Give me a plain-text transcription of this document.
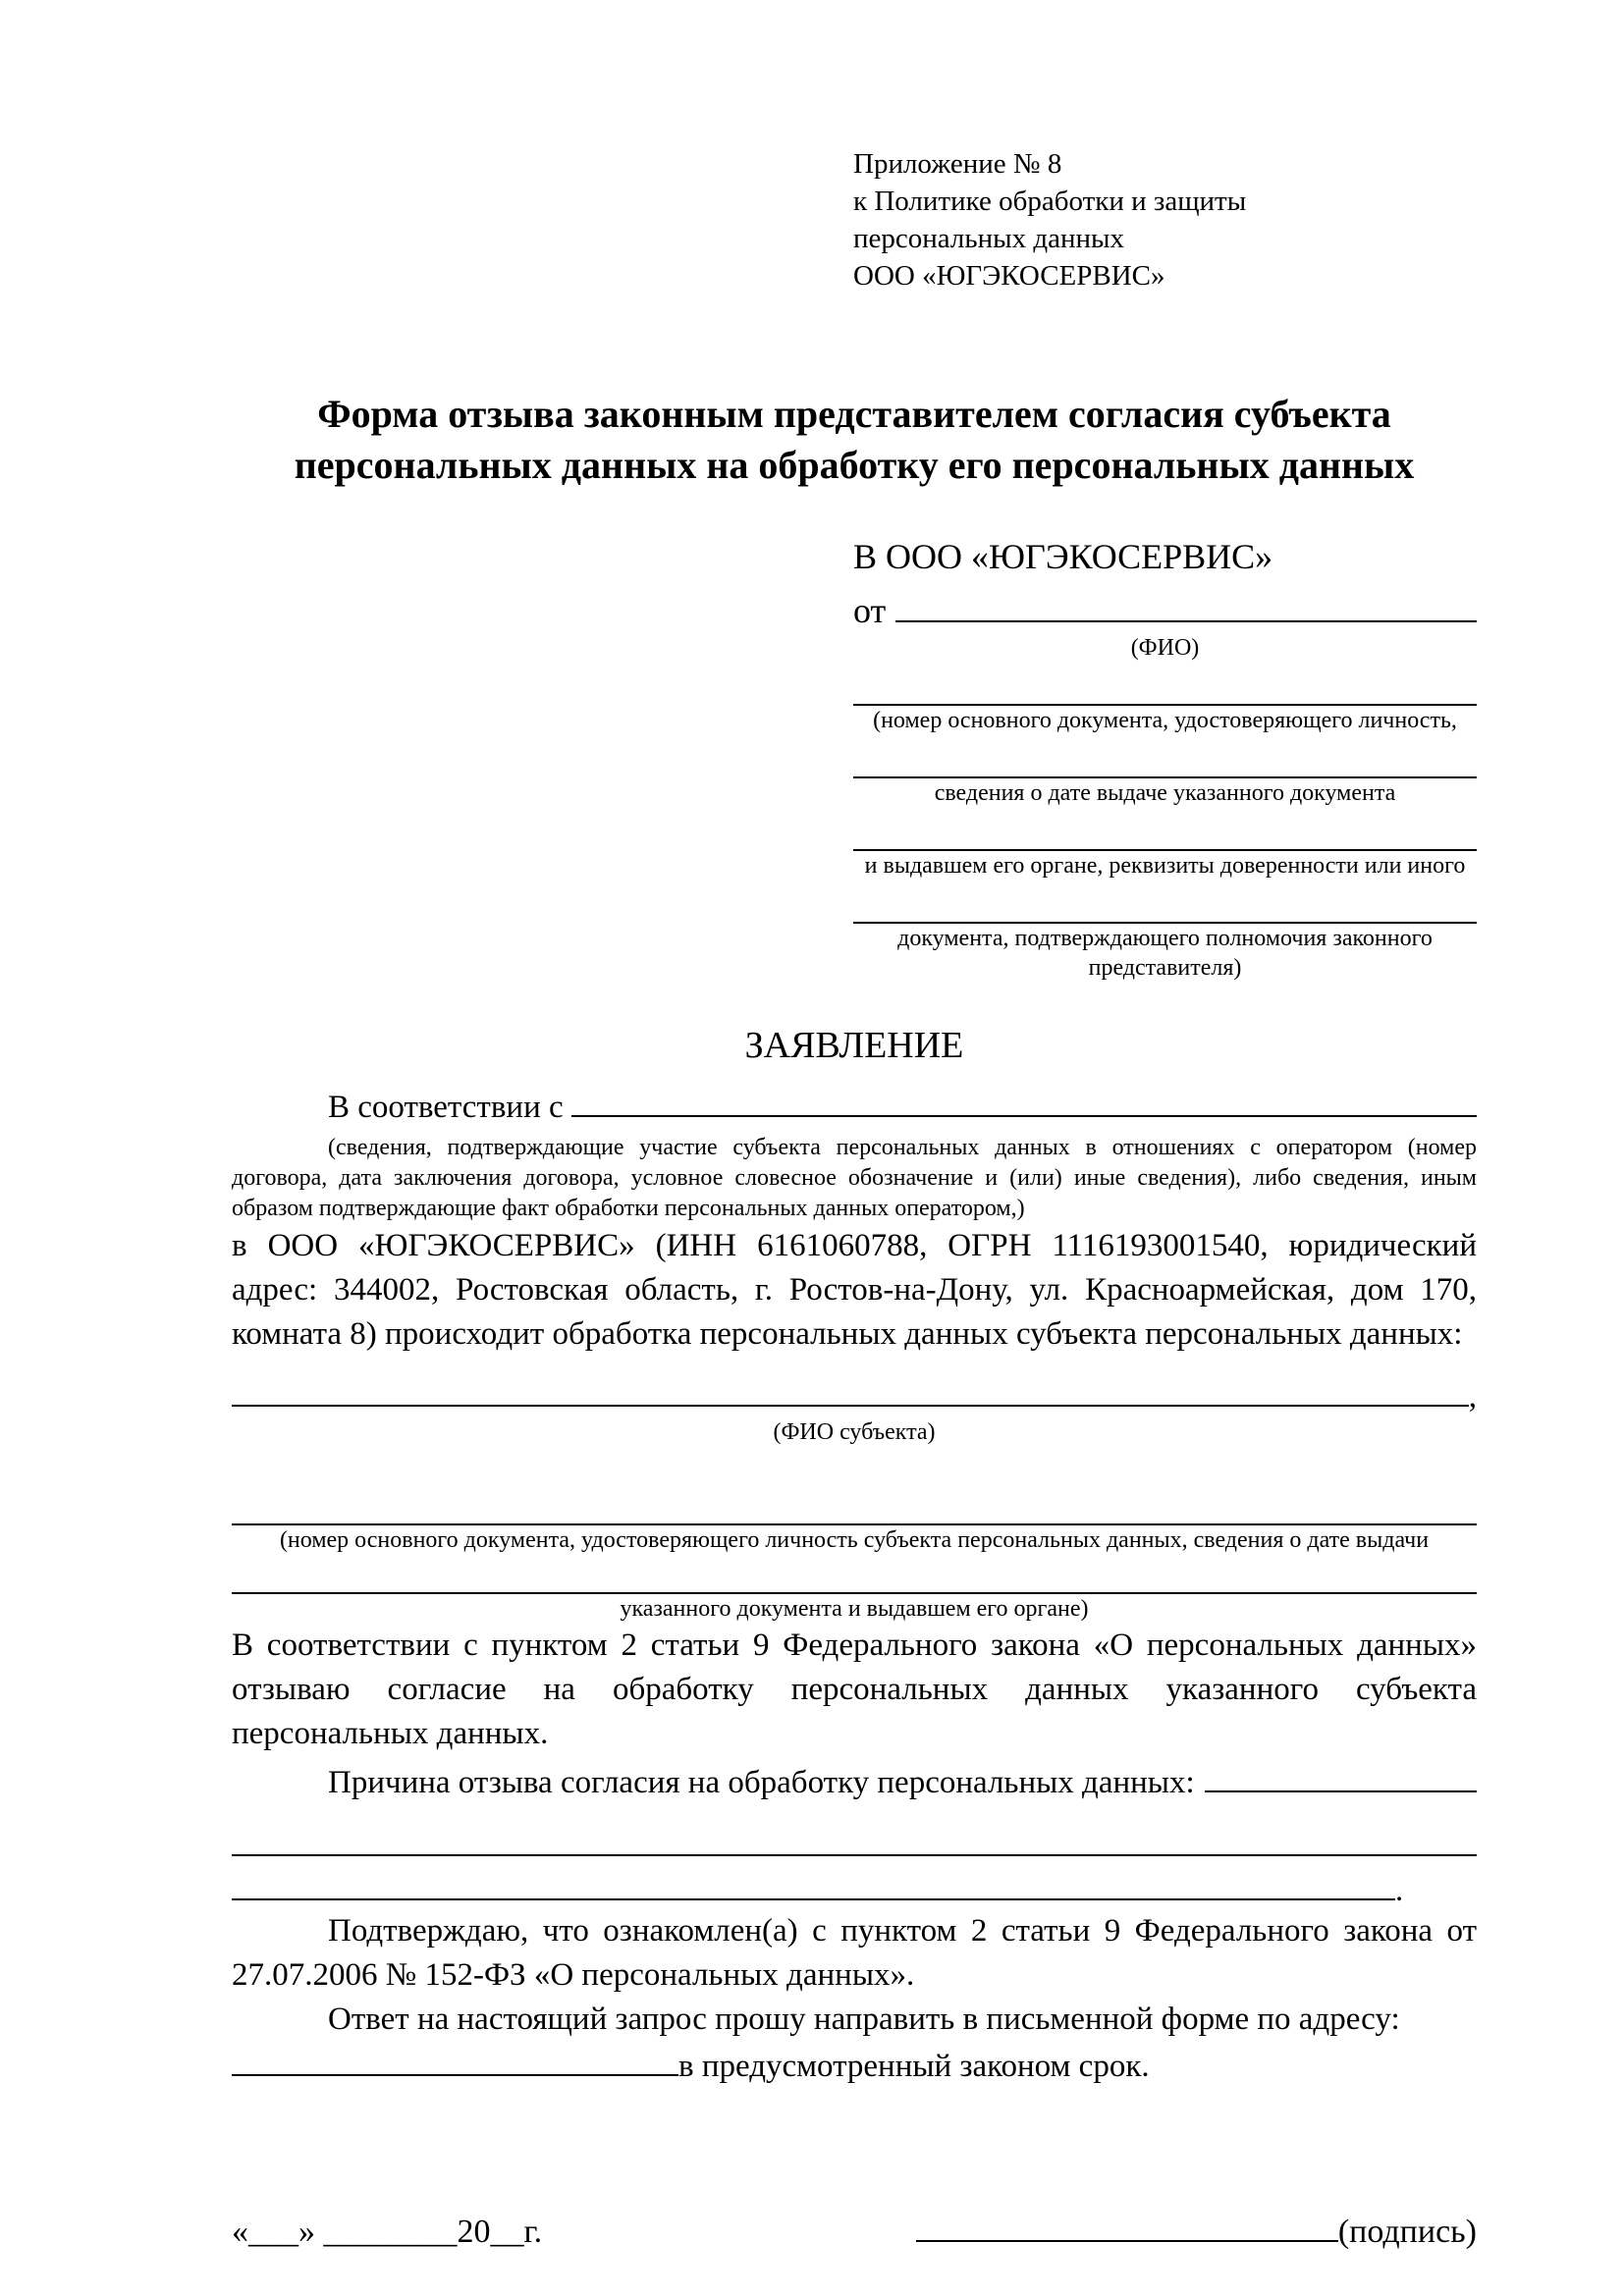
Приложение № 8
к Политике обработки и защиты
персональных данных
ООО «ЮГЭКОСЕРВИС»
Форма отзыва законным представителем согласия субъекта персональных данных на обработку его персональных данных
В ООО «ЮГЭКОСЕРВИС»
от
(ФИО)
(номер основного документа, удостоверяющего личность,
сведения о дате выдаче указанного документа
и выдавшем его органе, реквизиты доверенности или иного
документа, подтверждающего полномочия законного представителя)
ЗАЯВЛЕНИЕ
В соответствии с
(сведения, подтверждающие участие субъекта персональных данных в отношениях с оператором (номер договора, дата заключения договора, условное словесное обозначение и (или) иные сведения), либо сведения, иным образом подтверждающие факт обработки персональных данных оператором,)
в ООО «ЮГЭКОСЕРВИС» (ИНН 6161060788, ОГРН 1116193001540, юридический адрес: 344002, Ростовская область, г. Ростов-на-Дону, ул. Красноармейская, дом 170, комната 8) происходит обработка персональных данных субъекта персональных данных:
,
(ФИО субъекта)
(номер основного документа, удостоверяющего личность субъекта персональных данных, сведения о дате выдачи
указанного документа и выдавшем его органе)
В соответствии с пунктом 2 статьи 9 Федерального закона «О персональных данных» отзываю согласие на обработку персональных данных указанного субъекта персональных данных.
Причина отзыва согласия на обработку персональных данных:
.
Подтверждаю, что ознакомлен(а) с пунктом 2 статьи 9 Федерального закона от 27.07.2006 № 152-ФЗ «О персональных данных».
Ответ на настоящий запрос прошу направить в письменной форме по адресу:
в предусмотренный законом срок.
«___» ________20__г.	(подпись)
